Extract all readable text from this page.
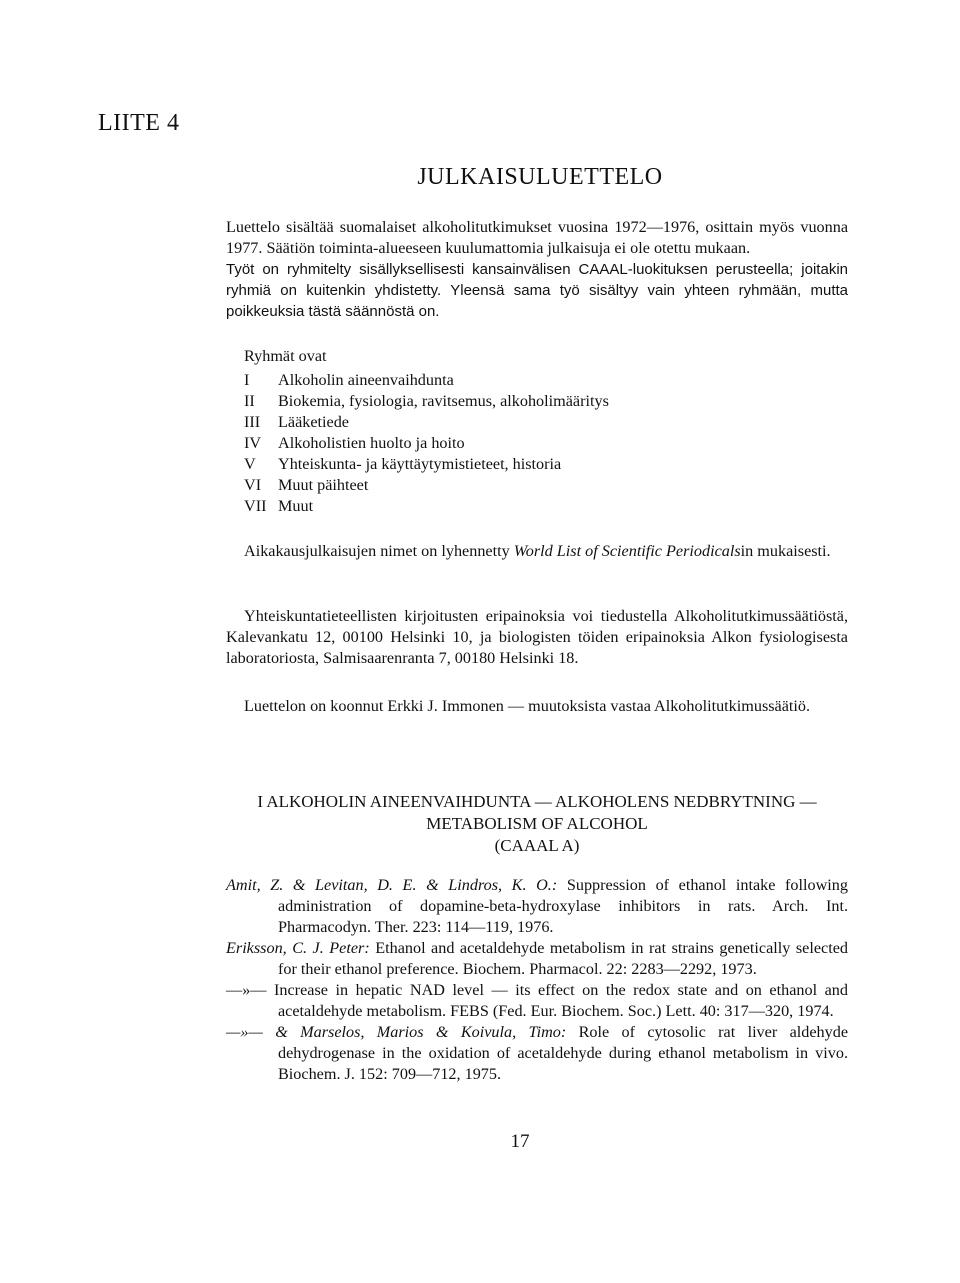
LIITE 4
JULKAISULUETTELO

Luettelo sisältää suomalaiset alkoholitutkimukset vuosina 1972—1976, osittain myös vuonna 1977. Säätiön toiminta-alueeseen kuulumattomia julkaisuja ei ole otettu mukaan.
Työt on ryhmitelty sisällyksellisesti kansainvälisen CAAAL-luokituksen perusteella; joitakin ryhmiä on kuitenkin yhdistetty. Yleensä sama työ sisältyy vain yhteen ryhmään, mutta poikkeuksia tästä säännöstä on.

Ryhmät ovat
I	Alkoholin aineenvaihdunta
II	Biokemia, fysiologia, ravitsemus, alkoholimääritys
III	Lääketiede
IV	Alkoholistien huolto ja hoito
V	Yhteiskunta- ja käyttäytymistieteet, historia
VI	Muut päihteet
VII Muut

Aikakausjulkaisujen nimet on lyhennetty World List of Scientific Periodicalsin mukaisesti.

Yhteiskuntatieteellisten kirjoitusten eripainoksia voi tiedustella Alkoholitutkimussäätiöstä, Kalevankatu 12, 00100 Helsinki 10, ja biologisten töiden eripainoksia Alkon fysiologisesta laboratoriosta, Salmisaarenranta 7, 00180 Helsinki 18.

Luettelon on koonnut Erkki J. Immonen — muutoksista vastaa Alkoholitutkimussäätiö.

I ALKOHOLIN AINEENVAIHDUNTA — ALKOHOLENS NEDBRYTNING —
METABOLISM OF ALCOHOL
(CAAAL A)

Amit, Z. & Levitan, D. E. & Lindros, K. O.: Suppression of ethanol intake following administration of dopamine-beta-hydroxylase inhibitors in rats. Arch. Int. Pharmacodyn. Ther. 223: 114—119, 1976.

Eriksson, C. J. Peter: Ethanol and acetaldehyde metabolism in rat strains genetically selected for their ethanol preference. Biochem. Pharmacol. 22: 2283—2292, 1973.

—»— Increase in hepatic NAD level — its effect on the redox state and on ethanol and acetaldehyde metabolism. FEBS (Fed. Eur. Biochem. Soc.) Lett. 40: 317—320, 1974.

—»— & Marselos, Marios & Koivula, Timo: Role of cytosolic rat liver aldehyde dehydrogenase in the oxidation of acetaldehyde during ethanol metabolism in vivo. Biochem. J. 152: 709—712, 1975.

17
